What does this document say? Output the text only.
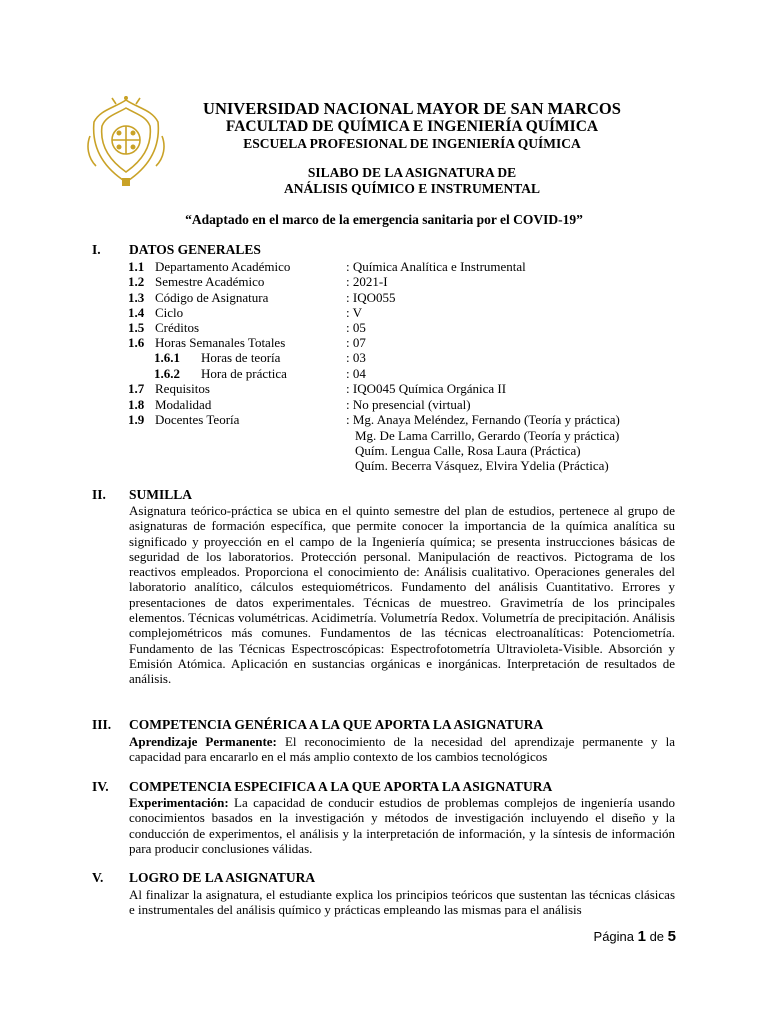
UNIVERSIDAD NACIONAL MAYOR DE SAN MARCOS
FACULTAD DE QUÍMICA E INGENIERÍA QUÍMICA
ESCUELA PROFESIONAL DE INGENIERÍA QUÍMICA
SILABO DE LA ASIGNATURA DE
ANÁLISIS QUÍMICO E INSTRUMENTAL
“Adaptado en el marco de la emergencia sanitaria por el COVID-19”
I. DATOS GENERALES
1.1 Departamento Académico	: Química Analítica e Instrumental
1.2 Semestre Académico	: 2021-I
1.3 Código de Asignatura	: IQO055
1.4 Ciclo	: V
1.5 Créditos	: 05
1.6 Horas Semanales Totales	: 07
1.6.1 Horas de teoría	: 03
1.6.2 Hora de práctica	: 04
1.7 Requisitos	: IQO045 Química Orgánica II
1.8 Modalidad	: No presencial (virtual)
1.9 Docentes Teoría	: Mg. Anaya Meléndez, Fernando (Teoría y práctica)
Mg. De Lama Carrillo, Gerardo (Teoría y práctica)
Quím. Lengua Calle, Rosa Laura (Práctica)
Quím. Becerra Vásquez, Elvira Ydelia (Práctica)
II. SUMILLA
Asignatura teórico-práctica se ubica en el quinto semestre del plan de estudios, pertenece al grupo de asignaturas de formación específica, que permite conocer la importancia de la química analítica su significado y proyección en el campo de la Ingeniería química; se presenta instrucciones básicas de seguridad de los laboratorios. Protección personal. Manipulación de reactivos. Pictograma de los reactivos empleados. Proporciona el conocimiento de: Análisis cualitativo. Operaciones generales del laboratorio analítico, cálculos estequiométricos. Fundamento del análisis Cuantitativo. Errores y presentaciones de datos experimentales. Técnicas de muestreo. Gravimetría de los principales elementos. Técnicas volumétricas. Acidimetría. Volumetría Redox. Volumetría de precipitación. Análisis complejométricos más comunes. Fundamentos de las técnicas electroanalíticas: Potenciometría. Fundamento de las Técnicas Espectroscópicas: Espectrofotometría Ultravioleta-Visible. Absorción y Emisión Atómica. Aplicación en sustancias orgánicas e inorgánicas. Interpretación de resultados de análisis.
III. COMPETENCIA GENÉRICA A LA QUE APORTA LA ASIGNATURA
Aprendizaje Permanente: El reconocimiento de la necesidad del aprendizaje permanente y la capacidad para encararlo en el más amplio contexto de los cambios tecnológicos
IV. COMPETENCIA ESPECIFICA A LA QUE APORTA LA ASIGNATURA
Experimentación: La capacidad de conducir estudios de problemas complejos de ingeniería usando conocimientos basados en la investigación y métodos de investigación incluyendo el diseño y la conducción de experimentos, el análisis y la interpretación de información, y la síntesis de información para producir conclusiones válidas.
V. LOGRO DE LA ASIGNATURA
Al finalizar la asignatura, el estudiante explica los principios teóricos que sustentan las técnicas clásicas e instrumentales del análisis químico y prácticas empleando las mismas para el análisis
Página 1 de 5
